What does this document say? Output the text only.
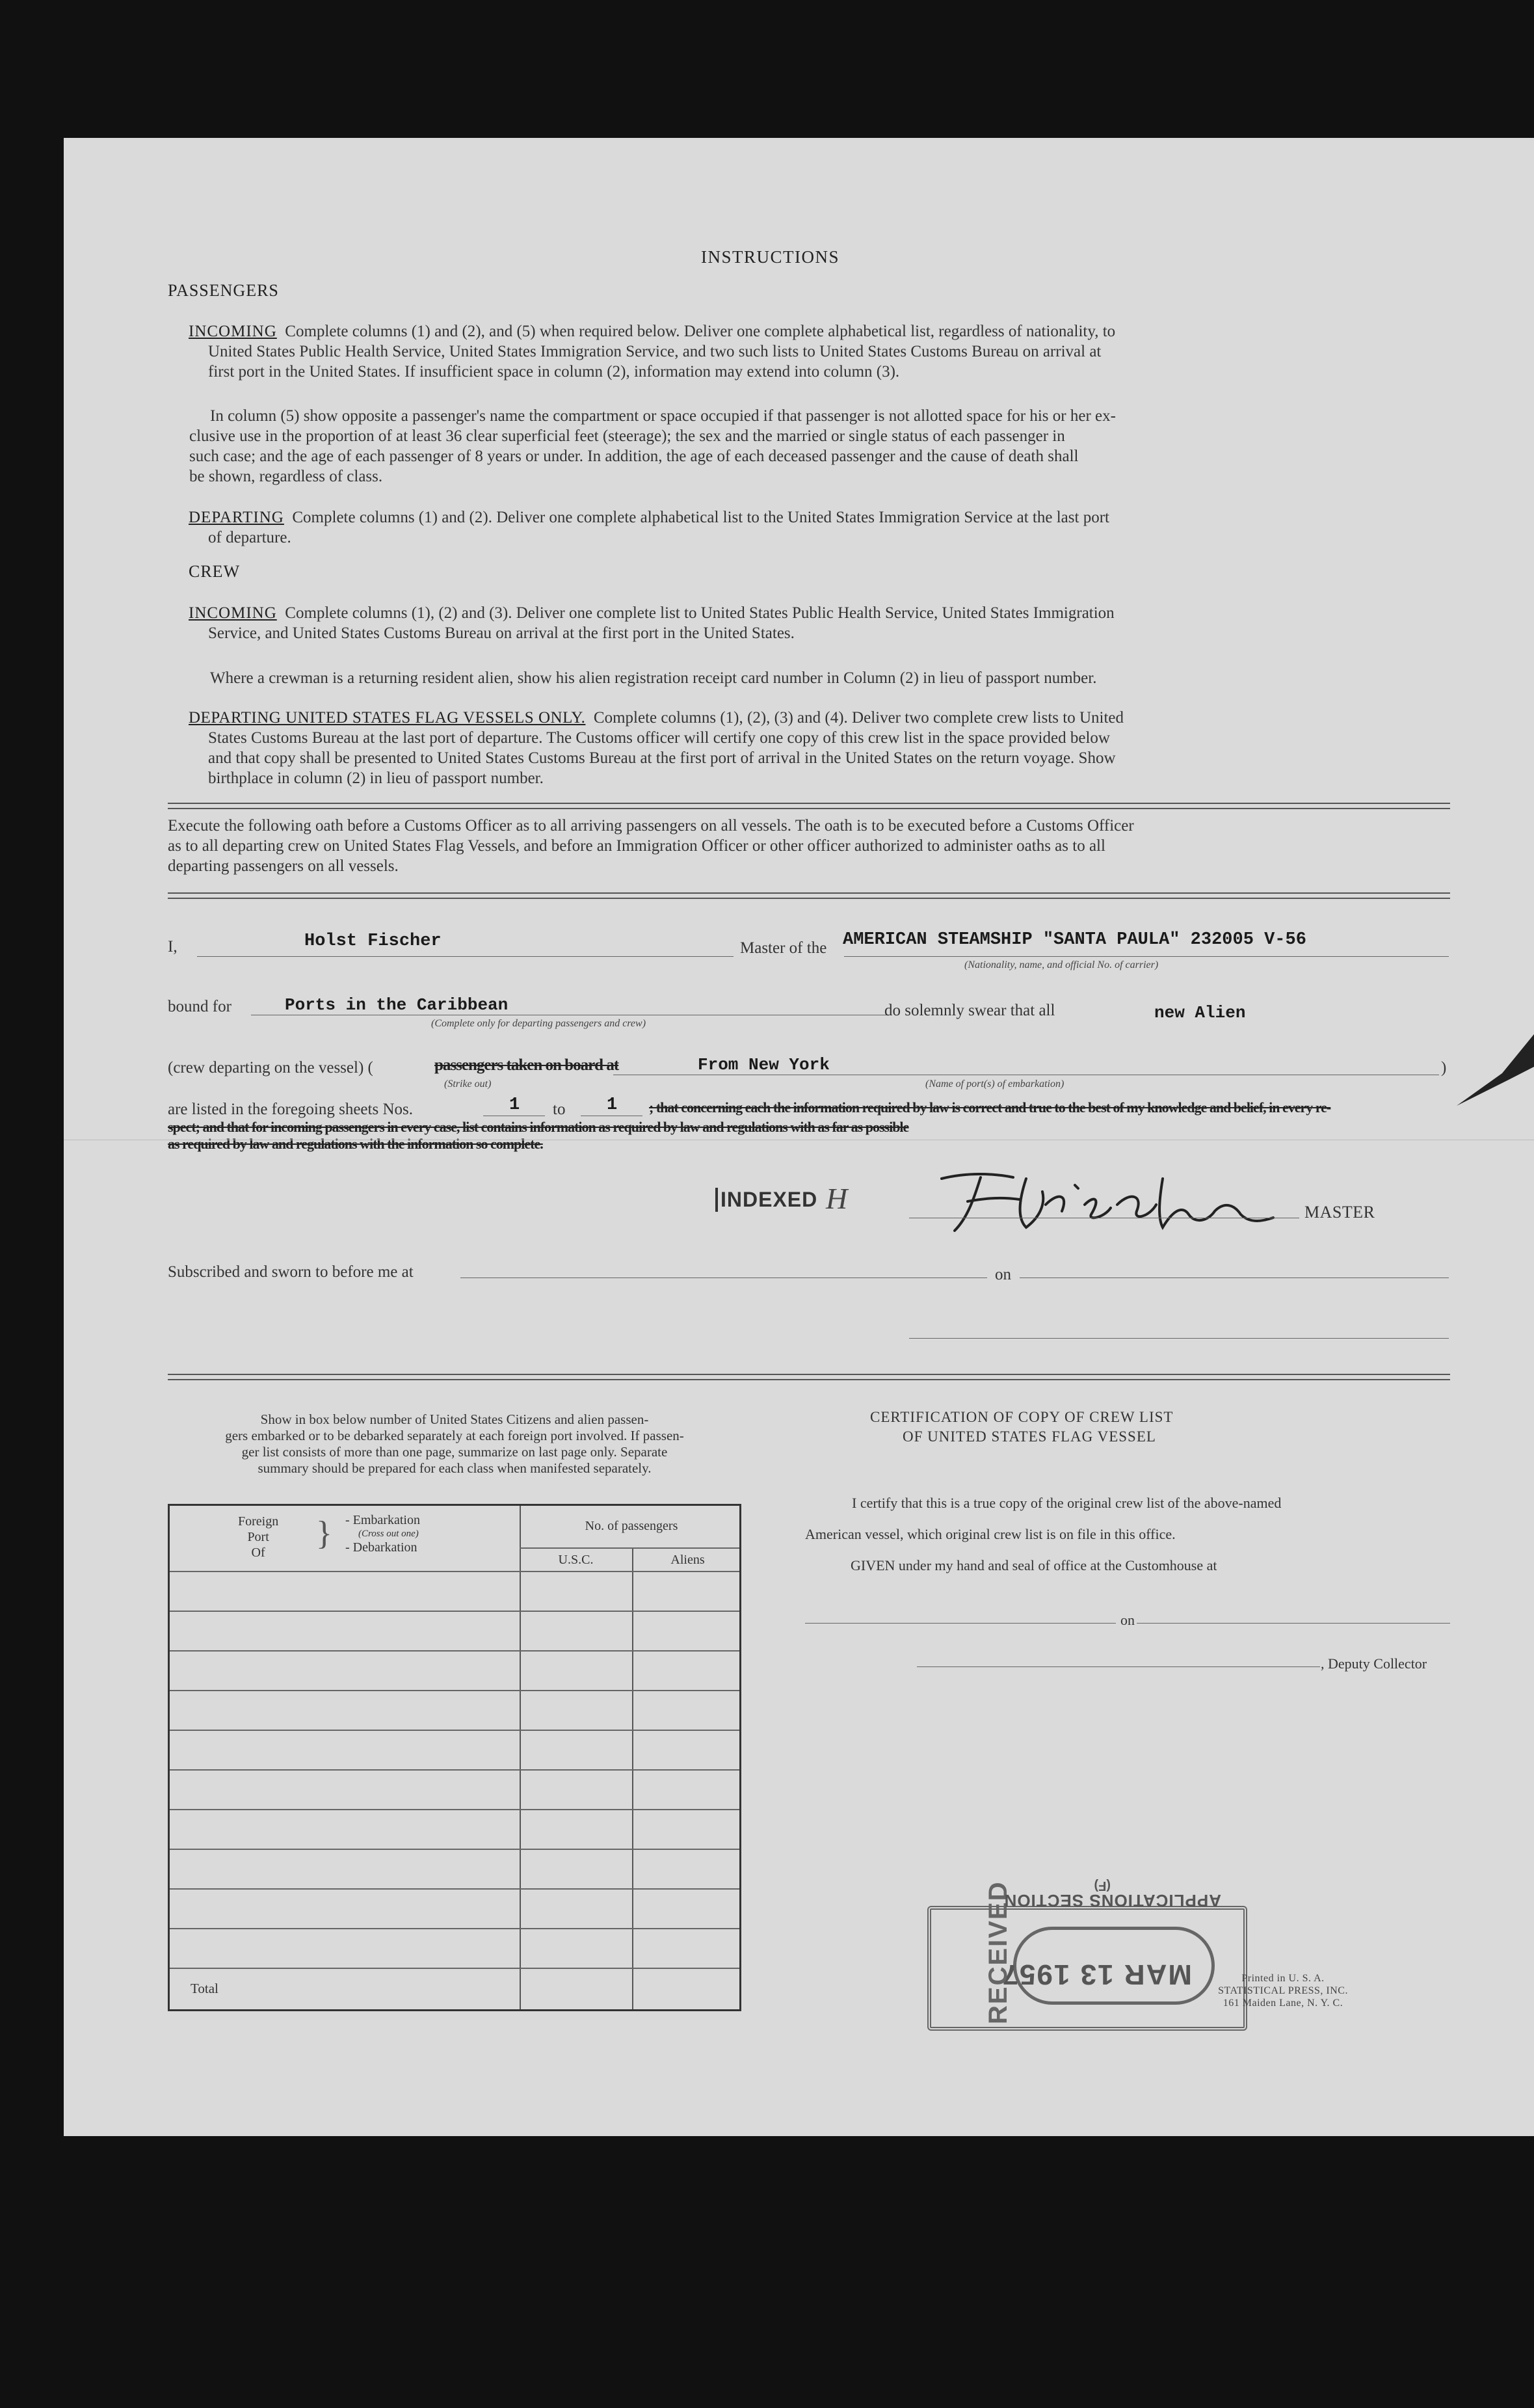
INSTRUCTIONS
PASSENGERS
INCOMING Complete columns (1) and (2), and (5) when required below. Deliver one complete alphabetical list, regardless of nationality, to
United States Public Health Service, United States Immigration Service, and two such lists to United States Customs Bureau on arrival at
first port in the United States. If insufficient space in column (2), information may extend into column (3).
In column (5) show opposite a passenger's name the compartment or space occupied if that passenger is not allotted space for his or her ex-
clusive use in the proportion of at least 36 clear superficial feet (steerage); the sex and the married or single status of each passenger in
such case; and the age of each passenger of 8 years or under. In addition, the age of each deceased passenger and the cause of death shall
be shown, regardless of class.
DEPARTING Complete columns (1) and (2). Deliver one complete alphabetical list to the United States Immigration Service at the last port
of departure.
CREW
INCOMING Complete columns (1), (2) and (3). Deliver one complete list to United States Public Health Service, United States Immigration
Service, and United States Customs Bureau on arrival at the first port in the United States.
Where a crewman is a returning resident alien, show his alien registration receipt card number in Column (2) in lieu of passport number.
DEPARTING UNITED STATES FLAG VESSELS ONLY. Complete columns (1), (2), (3) and (4). Deliver two complete crew lists to United
States Customs Bureau at the last port of departure. The Customs officer will certify one copy of this crew list in the space provided below
and that copy shall be presented to United States Customs Bureau at the first port of arrival in the United States on the return voyage. Show
birthplace in column (2) in lieu of passport number.
Execute the following oath before a Customs Officer as to all arriving passengers on all vessels. The oath is to be executed before a Customs Officer
as to all departing crew on United States Flag Vessels, and before an Immigration Officer or other officer authorized to administer oaths as to all
departing passengers on all vessels.
I,	Holst Fischer	Master of the AMERICAN STEAMSHIP "SANTA PAULA" 232005 V-56
(Nationality, name, and official No. of carrier)
bound for	Ports in the Caribbean
(Complete only for departing passengers and crew)
do solemnly swear that all	new Alien
(crew departing on the vessel) (	passengers taken on board at
(Strike out)
From New York
(Name of port(s) of embarkation)
)
are listed in the foregoing sheets Nos.	1 to 1 ; that concerning each the information required by law is correct and true to the best of my knowledge and belief, in every re-
spect; and that for incoming passengers in every case, list contains information as required by law and regulations with as far as possible
as required by law and regulations with the information so complete.
INDEXED H	MASTER
Subscribed and sworn to before me at	on
Show in box below number of United States Citizens and alien passen-
gers embarked or to be debarked separately at each foreign port involved. If passen-
ger list consists of more than one page, summarize on last page only. Separate
summary should be prepared for each class when manifested separately.
Foreign
Port
Of
} - Embarkation
(Cross out one)
- Debarkation
No. of passengers
U.S.C.	Aliens
Total
CERTIFICATION OF COPY OF CREW LIST
OF UNITED STATES FLAG VESSEL
I certify that this is a true copy of the original crew list of the above-named
American vessel, which original crew list is on file in this office.
GIVEN under my hand and seal of office at the Customhouse at
on
, Deputy Collector
MAR 13 1957
RECEIVED
APPLICATIONS SECTION
(F)
Printed in U. S. A.
STATISTICAL PRESS, INC.
161 Maiden Lane, N. Y. C.
